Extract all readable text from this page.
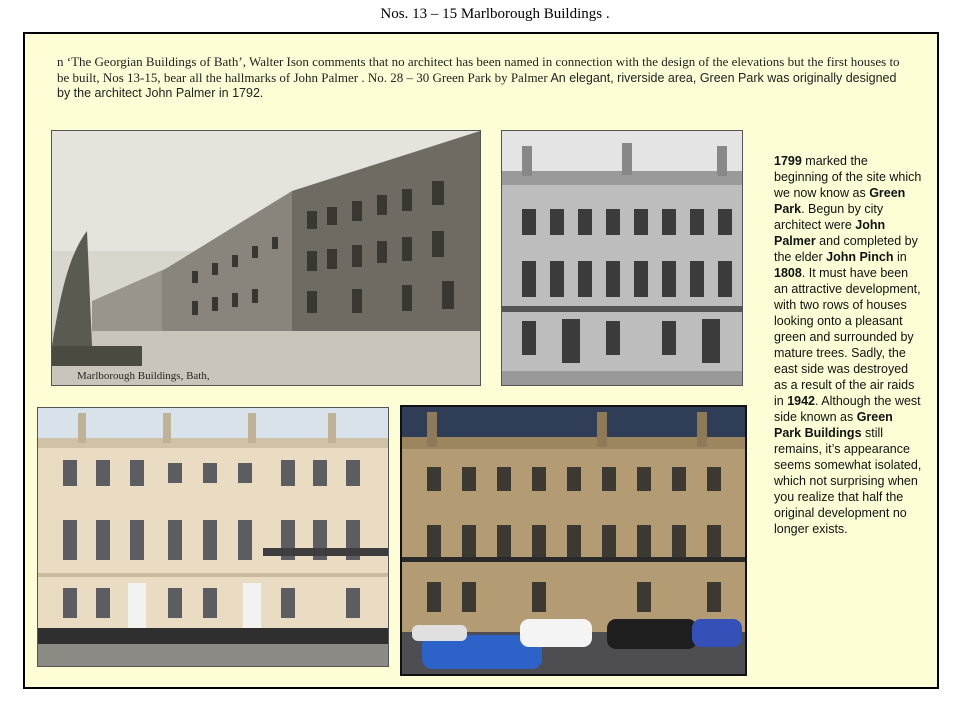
Nos. 13 – 15 Marlborough Buildings .
n ‘The Georgian Buildings of Bath’, Walter Ison comments that no architect has been named in connection with the design of the elevations but the first houses to be built, Nos 13-15, bear all the hallmarks of John Palmer . No. 28 – 30 Green Park by Palmer An elegant, riverside area, Green Park was originally designed by the architect John Palmer in 1792.
Marlborough Buildings, Bath,
1799 marked the beginning of the site which we now know as Green Park. Begun by city architect were John Palmer and completed by the elder John Pinch in 1808. It must have been an attractive development, with two rows of houses looking onto a pleasant green and surrounded by mature trees. Sadly, the east side was destroyed as a result of the air raids in 1942. Although the west side known as Green Park Buildings still remains, it’s appearance seems somewhat isolated, which not surprising when you realize that half the original development no longer exists.
